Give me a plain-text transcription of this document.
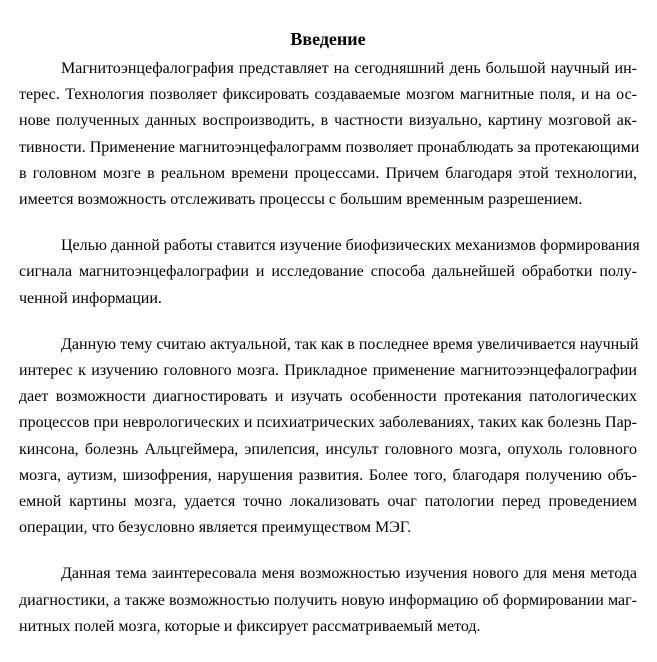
Введение
Магнитоэнцефалография представляет на сегодняшний день большой научный ин-
терес. Технология позволяет фиксировать создаваемые мозгом магнитные поля, и на ос-
нове полученных данных воспроизводить, в частности визуально, картину мозговой ак-
тивности. Применение магнитоэнцефалограмм позволяет пронаблюдать за протекающими
в головном мозге в реальном времени процессами. Причем благодаря этой технологии,
имеется возможность отслеживать процессы с большим временным разрешением.
Целью данной работы ставится изучение биофизических механизмов формирования
сигнала магнитоэнцефалографии и исследование способа дальнейшей обработки полу-
ченной информации.
Данную тему считаю актуальной, так как в последнее время увеличивается научный
интерес к изучению головного мозга. Прикладное применение магнитоээнцефалографии
дает возможности диагностировать и изучать особенности протекания патологических
процессов при неврологических и психиатрических заболеваниях, таких как болезнь Пар-
кинсона, болезнь Альцгеймера, эпилепсия, инсульт головного мозга, опухоль головного
мозга, аутизм, шизофрения, нарушения развития. Более того, благодаря получению объ-
емной картины мозга, удается точно локализовать очаг патологии перед проведением
операции, что безусловно является преимуществом МЭГ.
Данная тема заинтересовала меня возможностью изучения нового для меня метода
диагностики, а также возможностью получить новую информацию об формировании маг-
нитных полей мозга, которые и фиксирует рассматриваемый метод.
